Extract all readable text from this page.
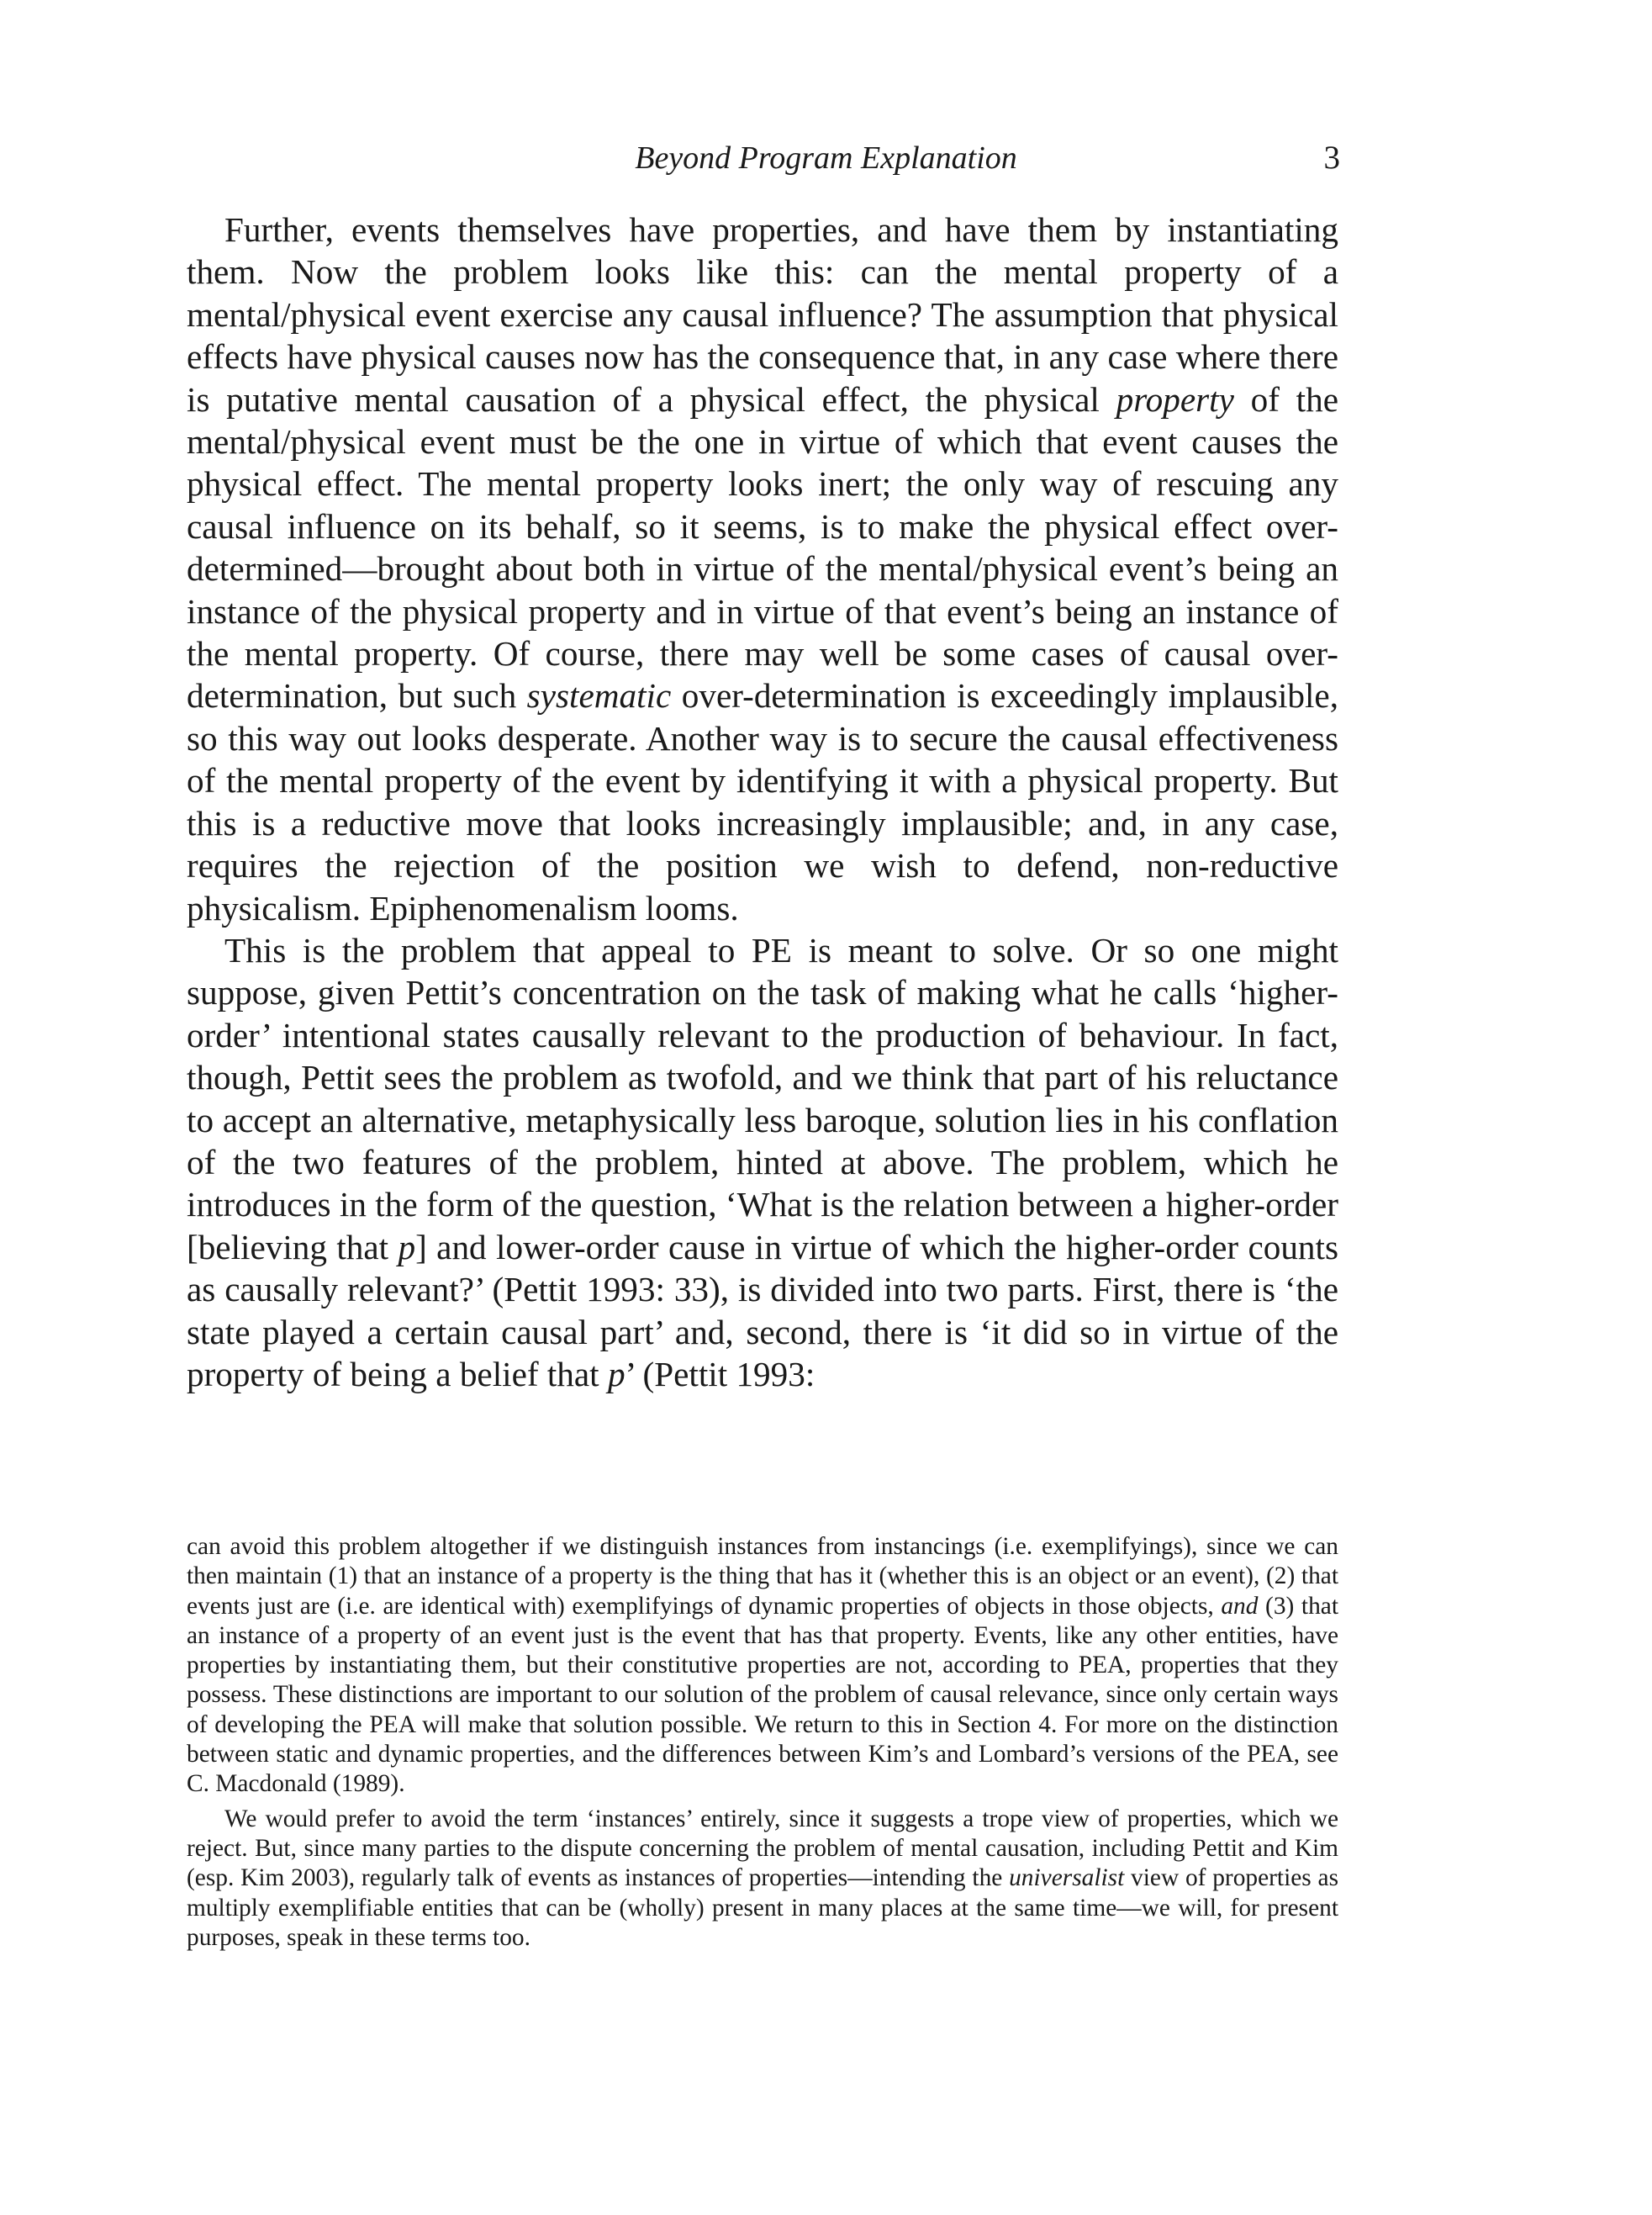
Beyond Program Explanation	3

Further, events themselves have properties, and have them by instantiating them. Now the problem looks like this: can the mental property of a mental/physical event exercise any causal influence? The assumption that physical effects have physical causes now has the consequence that, in any case where there is putative mental causation of a physical effect, the physical property of the mental/physical event must be the one in virtue of which that event causes the physical effect. The mental property looks inert; the only way of rescuing any causal influence on its behalf, so it seems, is to make the physical effect over-determined—brought about both in virtue of the mental/physical event’s being an instance of the physical property and in virtue of that event’s being an instance of the mental property. Of course, there may well be some cases of causal over-determination, but such systematic over-determination is exceedingly implausible, so this way out looks desperate. Another way is to secure the causal effectiveness of the mental property of the event by identifying it with a physical property. But this is a reductive move that looks increasingly implausible; and, in any case, requires the rejection of the position we wish to defend, non-reductive physicalism. Epiphenomenalism looms.

This is the problem that appeal to PE is meant to solve. Or so one might suppose, given Pettit’s concentration on the task of making what he calls ‘higher-order’ intentional states causally relevant to the production of behaviour. In fact, though, Pettit sees the problem as twofold, and we think that part of his reluctance to accept an alternative, metaphysically less baroque, solution lies in his conflation of the two features of the problem, hinted at above. The problem, which he introduces in the form of the question, ‘What is the relation between a higher-order [believing that p] and lower-order cause in virtue of which the higher-order counts as causally relevant?’ (Pettit 1993: 33), is divided into two parts. First, there is ‘the state played a certain causal part’ and, second, there is ‘it did so in virtue of the property of being a belief that p’ (Pettit 1993:

can avoid this problem altogether if we distinguish instances from instancings (i.e. exemplifyings), since we can then maintain (1) that an instance of a property is the thing that has it (whether this is an object or an event), (2) that events just are (i.e. are identical with) exemplifyings of dynamic properties of objects in those objects, and (3) that an instance of a property of an event just is the event that has that property. Events, like any other entities, have properties by instantiating them, but their constitutive properties are not, according to PEA, properties that they possess. These distinctions are important to our solution of the problem of causal relevance, since only certain ways of developing the PEA will make that solution possible. We return to this in Section 4. For more on the distinction between static and dynamic properties, and the differences between Kim’s and Lombard’s versions of the PEA, see C. Macdonald (1989).

We would prefer to avoid the term ‘instances’ entirely, since it suggests a trope view of properties, which we reject. But, since many parties to the dispute concerning the problem of mental causation, including Pettit and Kim (esp. Kim 2003), regularly talk of events as instances of properties—intending the universalist view of properties as multiply exemplifiable entities that can be (wholly) present in many places at the same time—we will, for present purposes, speak in these terms too.
